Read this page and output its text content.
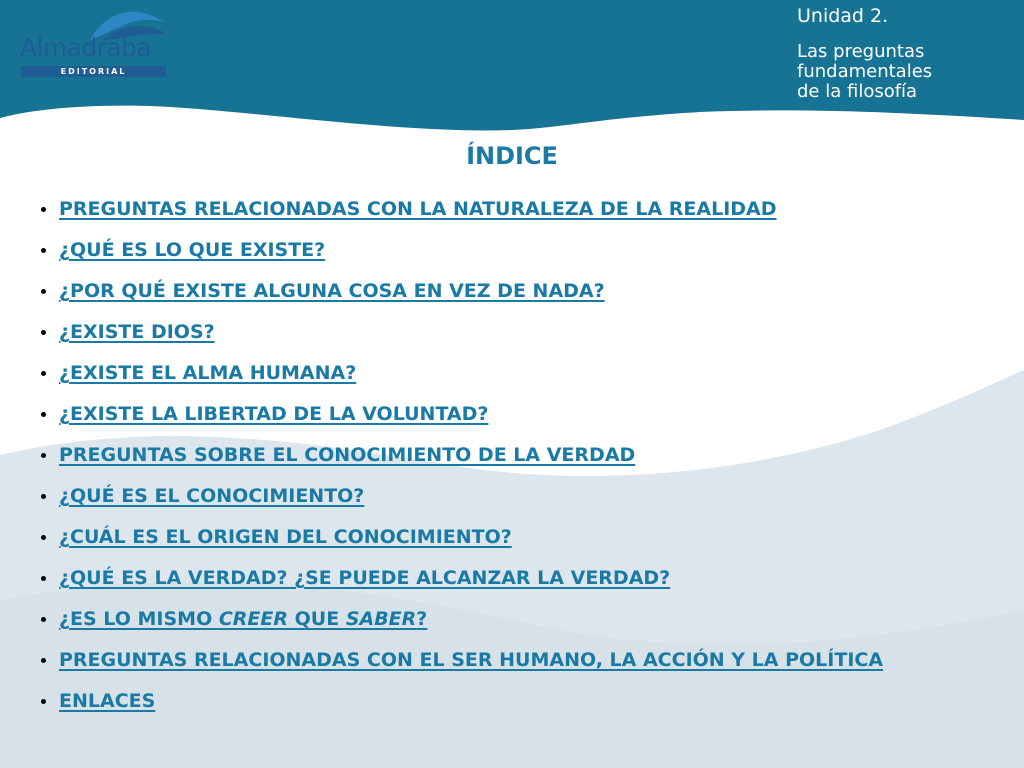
Almadraba
EDITORIAL
Unidad 2.
Las preguntas
fundamentales
de la filosofía
ÍNDICE
PREGUNTAS RELACIONADAS CON LA NATURALEZA DE LA REALIDAD
¿QUÉ ES LO QUE EXISTE?
¿POR QUÉ EXISTE ALGUNA COSA EN VEZ DE NADA?
¿EXISTE DIOS?
¿EXISTE EL ALMA HUMANA?
¿EXISTE LA LIBERTAD DE LA VOLUNTAD?
PREGUNTAS SOBRE EL CONOCIMIENTO DE LA VERDAD
¿QUÉ ES EL CONOCIMIENTO?
¿CUÁL ES EL ORIGEN DEL CONOCIMIENTO?
¿QUÉ ES LA VERDAD? ¿SE PUEDE ALCANZAR LA VERDAD?
¿ES LO MISMO CREER QUE SABER?
PREGUNTAS RELACIONADAS CON EL SER HUMANO, LA ACCIÓN Y LA POLÍTICA
ENLACES
